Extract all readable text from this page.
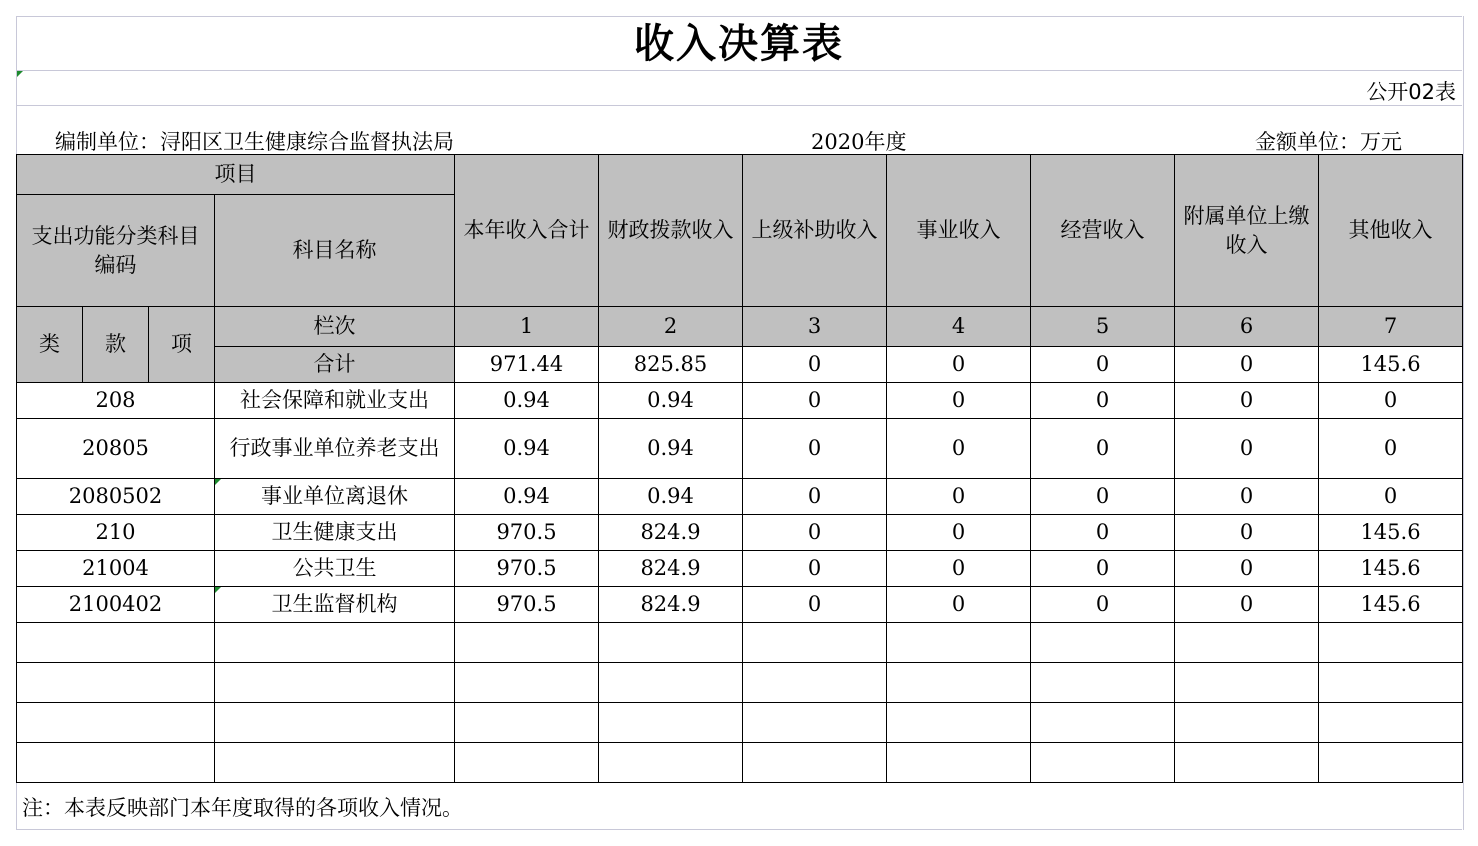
收入决算表
公开02表
编制单位：浔阳区卫生健康综合监督执法局	2020年度	金额单位：万元
项目				本年收入合计	财政拨款收入	上级补助收入	事业收入	经营收入	附属单位上缴收入	其他收入
支出功能分类科目编码			科目名称							
类	款	项	栏次	1	2	3	4	5	6	7
			合计	971.44	825.85	0	0	0	0	145.6
208			社会保障和就业支出	0.94	0.94	0	0	0	0	0
20805			行政事业单位养老支出	0.94	0.94	0	0	0	0	0
2080502			事业单位离退休	0.94	0.94	0	0	0	0	0
210			卫生健康支出	970.5	824.9	0	0	0	0	145.6
21004			公共卫生	970.5	824.9	0	0	0	0	145.6
2100402			卫生监督机构	970.5	824.9	0	0	0	0	145.6

注：本表反映部门本年度取得的各项收入情况。
